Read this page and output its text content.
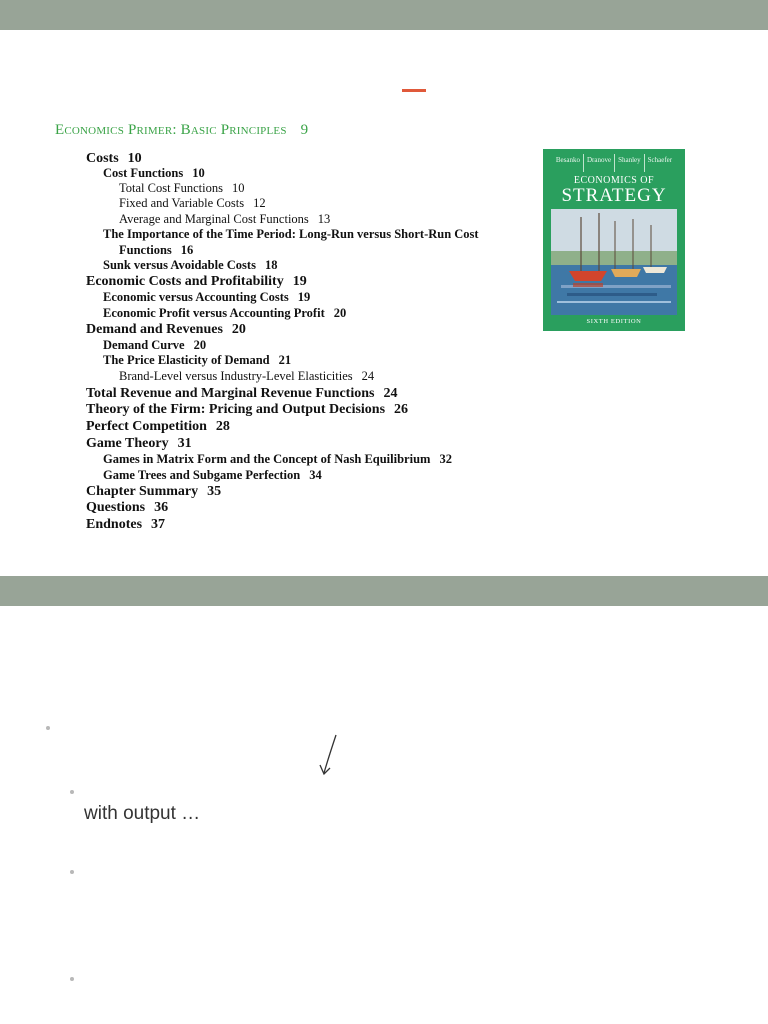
Economics Primer: Basic Principles 9
Costs 10
Cost Functions 10
Total Cost Functions 10
Fixed and Variable Costs 12
Average and Marginal Cost Functions 13
The Importance of the Time Period: Long-Run versus Short-Run Cost
Functions 16
Sunk versus Avoidable Costs 18
Economic Costs and Profitability 19
Economic versus Accounting Costs 19
Economic Profit versus Accounting Profit 20
Demand and Revenues 20
Demand Curve 20
The Price Elasticity of Demand 21
Brand-Level versus Industry-Level Elasticities 24
Total Revenue and Marginal Revenue Functions 24
Theory of the Firm: Pricing and Output Decisions 26
Perfect Competition 28
Game Theory 31
Games in Matrix Form and the Concept of Nash Equilibrium 32
Game Trees and Subgame Perfection 34
Chapter Summary 35
Questions 36
Endnotes 37
Besanko	Dranove	Shanley	Schaefer
ECONOMICS OF
STRATEGY
SIXTH EDITION
with output …
